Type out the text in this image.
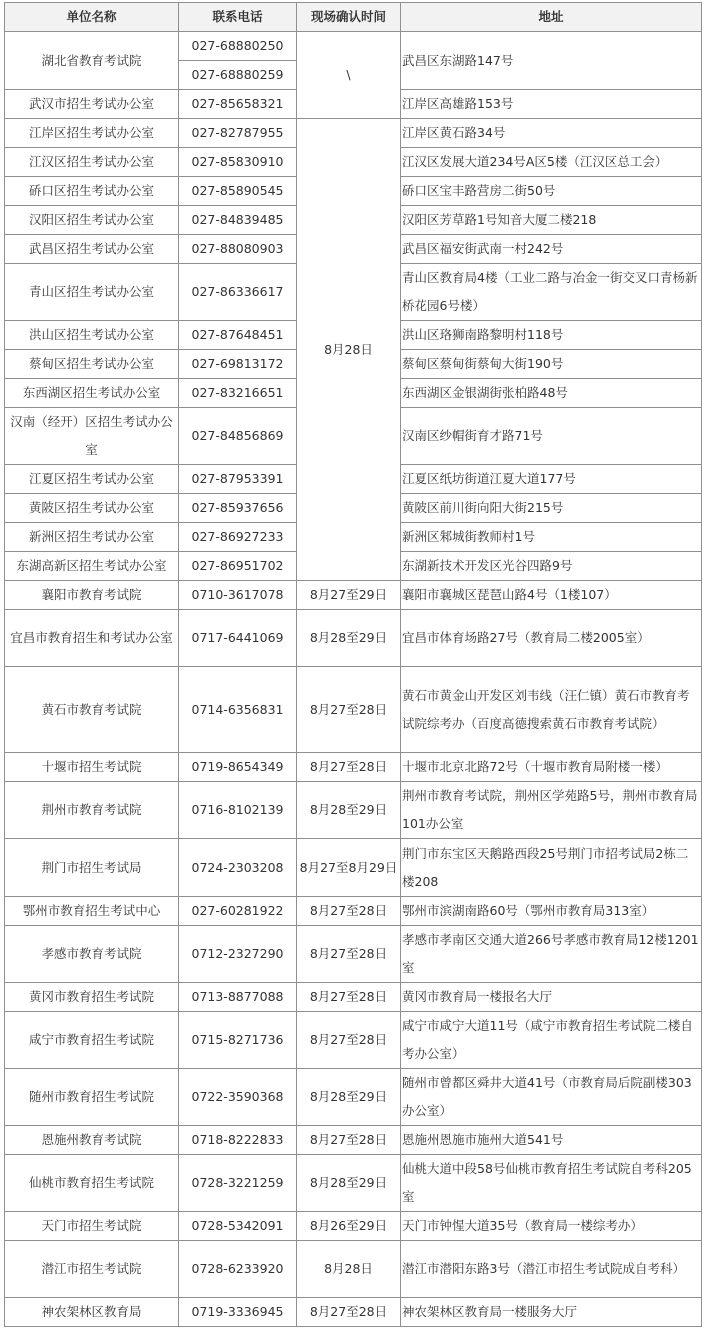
单位名称	联系电话	现场确认时间	地址
湖北省教育考试院	027-68880250	\	武昌区东湖路147号
	027-68880259		
武汉市招生考试办公室	027-85658321		江岸区高雄路153号
江岸区招生考试办公室	027-82787955	8月28日	江岸区黄石路34号
江汉区招生考试办公室	027-85830910		江汉区发展大道234号A区5楼（江汉区总工会）
硚口区招生考试办公室	027-85890545		硚口区宝丰路营房二街50号
汉阳区招生考试办公室	027-84839485		汉阳区芳草路1号知音大厦二楼218
武昌区招生考试办公室	027-88080903		武昌区福安街武南一村242号
青山区招生考试办公室	027-86336617		青山区教育局4楼（工业二路与冶金一街交叉口青杨新桥花园6号楼）
洪山区招生考试办公室	027-87648451		洪山区珞狮南路黎明村118号
蔡甸区招生考试办公室	027-69813172		蔡甸区蔡甸街蔡甸大街190号
东西湖区招生考试办公室	027-83216651		东西湖区金银湖街张柏路48号
汉南（经开）区招生考试办公室	027-84856869		汉南区纱帽街育才路71号
江夏区招生考试办公室	027-87953391		江夏区纸坊街道江夏大道177号
黄陂区招生考试办公室	027-85937656		黄陂区前川街向阳大街215号
新洲区招生考试办公室	027-86927233		新洲区邾城街教师村1号
东湖高新区招生考试办公室	027-86951702		东湖新技术开发区光谷四路9号
襄阳市教育考试院	0710-3617078	8月27至29日	襄阳市襄城区琵琶山路4号（1楼107）
宜昌市教育招生和考试办公室	0717-6441069	8月28至29日	宜昌市体育场路27号（教育局二楼2005室）
黄石市教育考试院	0714-6356831	8月27至28日	黄石市黄金山开发区刘韦线（汪仁镇）黄石市教育考试院综考办（百度高德搜索黄石市教育考试院）
十堰市招生考试院	0719-8654349	8月27至28日	十堰市北京北路72号（十堰市教育局附楼一楼）
荆州市教育考试院	0716-8102139	8月28至29日	荆州市教育考试院，荆州区学苑路5号，荆州市教育局101办公室
荆门市招生考试局	0724-2303208	8月27至8月29日	荆门市东宝区天鹅路西段25号荆门市招考试局2栋二楼208
鄂州市教育招生考试中心	027-60281922	8月27至28日	鄂州市滨湖南路60号（鄂州市教育局313室）
孝感市教育考试院	0712-2327290	8月27至28日	孝感市孝南区交通大道266号孝感市教育局12楼1201室
黄冈市教育招生考试院	0713-8877088	8月27至28日	黄冈市教育局一楼报名大厅
咸宁市教育招生考试院	0715-8271736	8月27至28日	咸宁市咸宁大道11号（咸宁市教育招生考试院二楼自考办公室）
随州市教育招生考试院	0722-3590368	8月28至29日	随州市曾都区舜井大道41号（市教育局后院副楼303办公室）
恩施州教育考试院	0718-8222833	8月27至28日	恩施州恩施市施州大道541号
仙桃市教育招生考试院	0728-3221259	8月28至29日	仙桃大道中段58号仙桃市教育招生考试院自考科205室
天门市招生考试院	0728-5342091	8月26至29日	天门市钟惺大道35号（教育局一楼综考办）
潜江市招生考试院	0728-6233920	8月28日	潜江市潜阳东路3号（潜江市招生考试院成自考科）
神农架林区教育局	0719-3336945	8月27至28日	神农架林区教育局一楼服务大厅
